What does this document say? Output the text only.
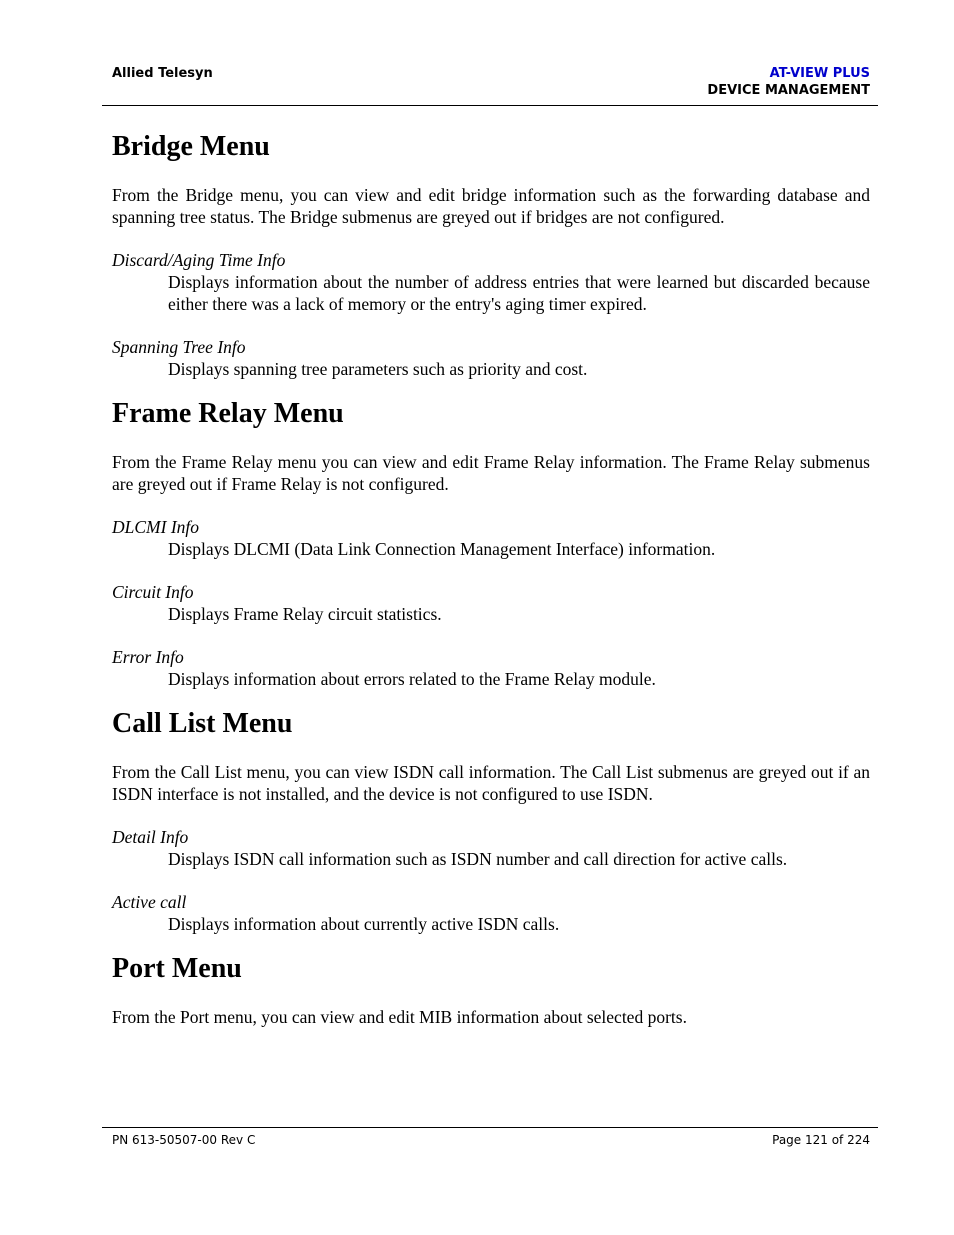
Allied Telesyn	AT-VIEW PLUS
DEVICE MANAGEMENT
Bridge Menu

From the Bridge menu, you can view and edit bridge information such as the forwarding database and spanning tree status. The Bridge submenus are greyed out if bridges are not configured.

Discard/Aging Time Info

Displays information about the number of address entries that were learned but discarded because either there was a lack of memory or the entry's aging timer expired.

Spanning Tree Info

Displays spanning tree parameters such as priority and cost.

Frame Relay Menu

From the Frame Relay menu you can view and edit Frame Relay information. The Frame Relay submenus are greyed out if Frame Relay is not configured.

DLCMI Info

Displays DLCMI (Data Link Connection Management Interface) information.

Circuit Info

Displays Frame Relay circuit statistics.

Error Info

Displays information about errors related to the Frame Relay module.

Call List Menu

From the Call List menu, you can view ISDN call information. The Call List submenus are greyed out if an ISDN interface is not installed, and the device is not configured to use ISDN.

Detail Info

Displays ISDN call information such as ISDN number and call direction for active calls.

Active call

Displays information about currently active ISDN calls.

Port Menu

From the Port menu, you can view and edit MIB information about selected ports.

PN 613-50507-00 Rev C	Page 121 of 224
